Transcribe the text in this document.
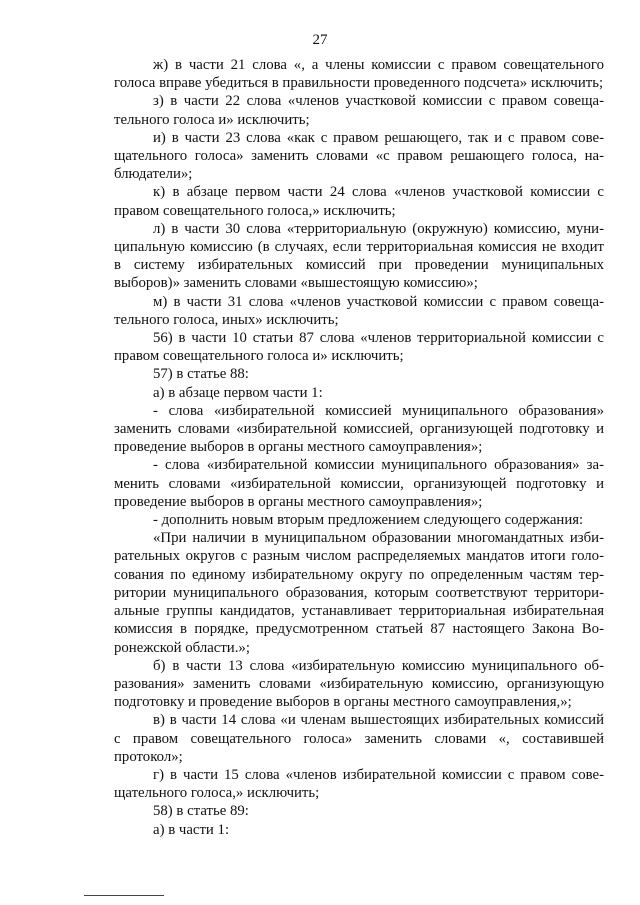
27

ж) в части 21 слова «, а члены комиссии с правом совещательного голоса вправе убедиться в правильности проведенного подсчета» исключить;

з) в части 22 слова «членов участковой комиссии с правом совещательного голоса и» исключить;

и) в части 23 слова «как с правом решающего, так и с правом совещательного голоса» заменить словами «с правом решающего голоса, наблюдатели»;

к) в абзаце первом части 24 слова «членов участковой комиссии с правом совещательного голоса,» исключить;

л) в части 30 слова «территориальную (окружную) комиссию, муниципальную комиссию (в случаях, если территориальная комиссия не входит в систему избирательных комиссий при проведении муниципальных выборов)» заменить словами «вышестоящую комиссию»;

м) в части 31 слова «членов участковой комиссии с правом совещательного голоса, иных» исключить;

56) в части 10 статьи 87 слова «членов территориальной комиссии с правом совещательного голоса и» исключить;

57) в статье 88:

а) в абзаце первом части 1:

- слова «избирательной комиссией муниципального образования» заменить словами «избирательной комиссией, организующей подготовку и проведение выборов в органы местного самоуправления»;

- слова «избирательной комиссии муниципального образования» заменить словами «избирательной комиссии, организующей подготовку и проведение выборов в органы местного самоуправления»;

- дополнить новым вторым предложением следующего содержания:

«При наличии в муниципальном образовании многомандатных избирательных округов с разным числом распределяемых мандатов итоги голосования по единому избирательному округу по определенным частям территории муниципального образования, которым соответствуют территориальные группы кандидатов, устанавливает территориальная избирательная комиссия в порядке, предусмотренном статьей 87 настоящего Закона Воронежской области.»;

б) в части 13 слова «избирательную комиссию муниципального образования» заменить словами «избирательную комиссию, организующую подготовку и проведение выборов в органы местного самоуправления,»;

в) в части 14 слова «и членам вышестоящих избирательных комиссий с правом совещательного голоса» заменить словами «, составившей протокол»;

г) в части 15 слова «членов избирательной комиссии с правом совещательного голоса,» исключить;

58) в статье 89:

а) в части 1:
